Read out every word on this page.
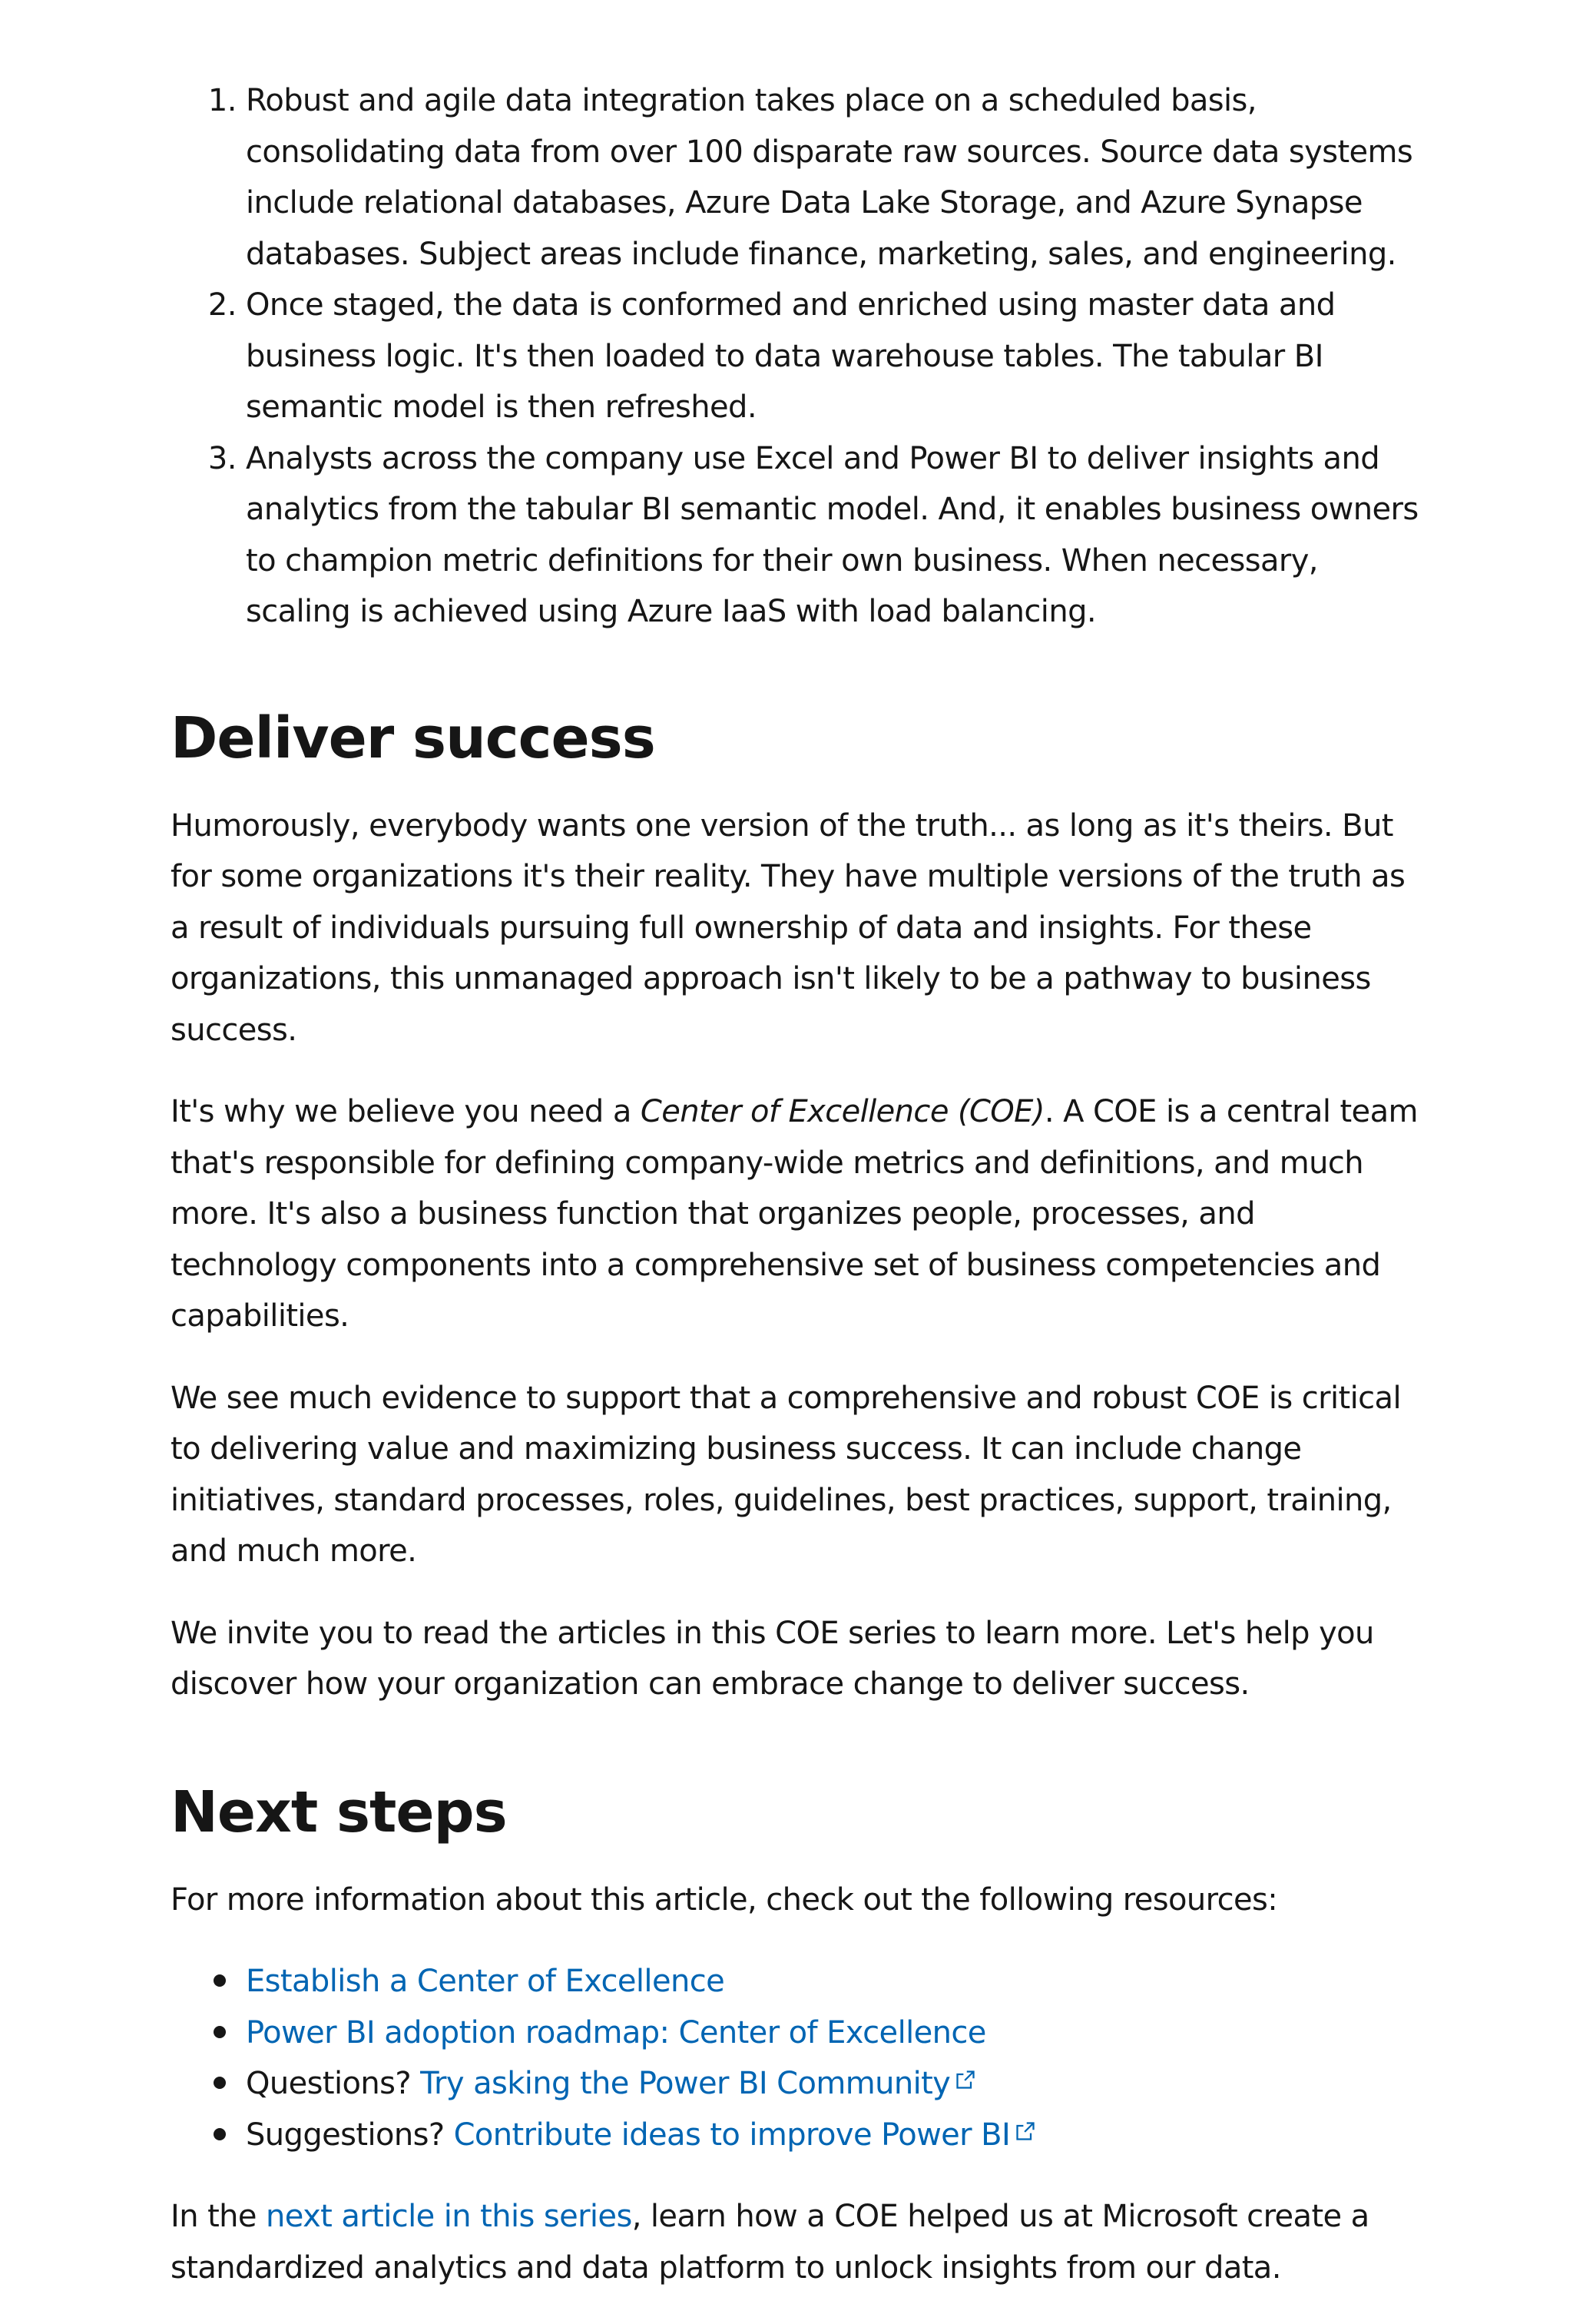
1. Robust and agile data integration takes place on a scheduled basis, consolidating data from over 100 disparate raw sources. Source data systems include relational databases, Azure Data Lake Storage, and Azure Synapse databases. Subject areas include finance, marketing, sales, and engineering.
2. Once staged, the data is conformed and enriched using master data and business logic. It's then loaded to data warehouse tables. The tabular BI semantic model is then refreshed.
3. Analysts across the company use Excel and Power BI to deliver insights and analytics from the tabular BI semantic model. And, it enables business owners to champion metric definitions for their own business. When necessary, scaling is achieved using Azure IaaS with load balancing.
Deliver success

Humorously, everybody wants one version of the truth... as long as it's theirs. But for some organizations it's their reality. They have multiple versions of the truth as a result of individuals pursuing full ownership of data and insights. For these organizations, this unmanaged approach isn't likely to be a pathway to business success.

It's why we believe you need a Center of Excellence (COE). A COE is a central team that's responsible for defining company-wide metrics and definitions, and much more. It's also a business function that organizes people, processes, and technology components into a comprehensive set of business competencies and capabilities.

We see much evidence to support that a comprehensive and robust COE is critical to delivering value and maximizing business success. It can include change initiatives, standard processes, roles, guidelines, best practices, support, training, and much more.

We invite you to read the articles in this COE series to learn more. Let's help you discover how your organization can embrace change to deliver success.

Next steps

For more information about this article, check out the following resources:

Establish a Center of Excellence
Power BI adoption roadmap: Center of Excellence
Questions? Try asking the Power BI Community
Suggestions? Contribute ideas to improve Power BI

In the next article in this series, learn how a COE helped us at Microsoft create a standardized analytics and data platform to unlock insights from our data.
